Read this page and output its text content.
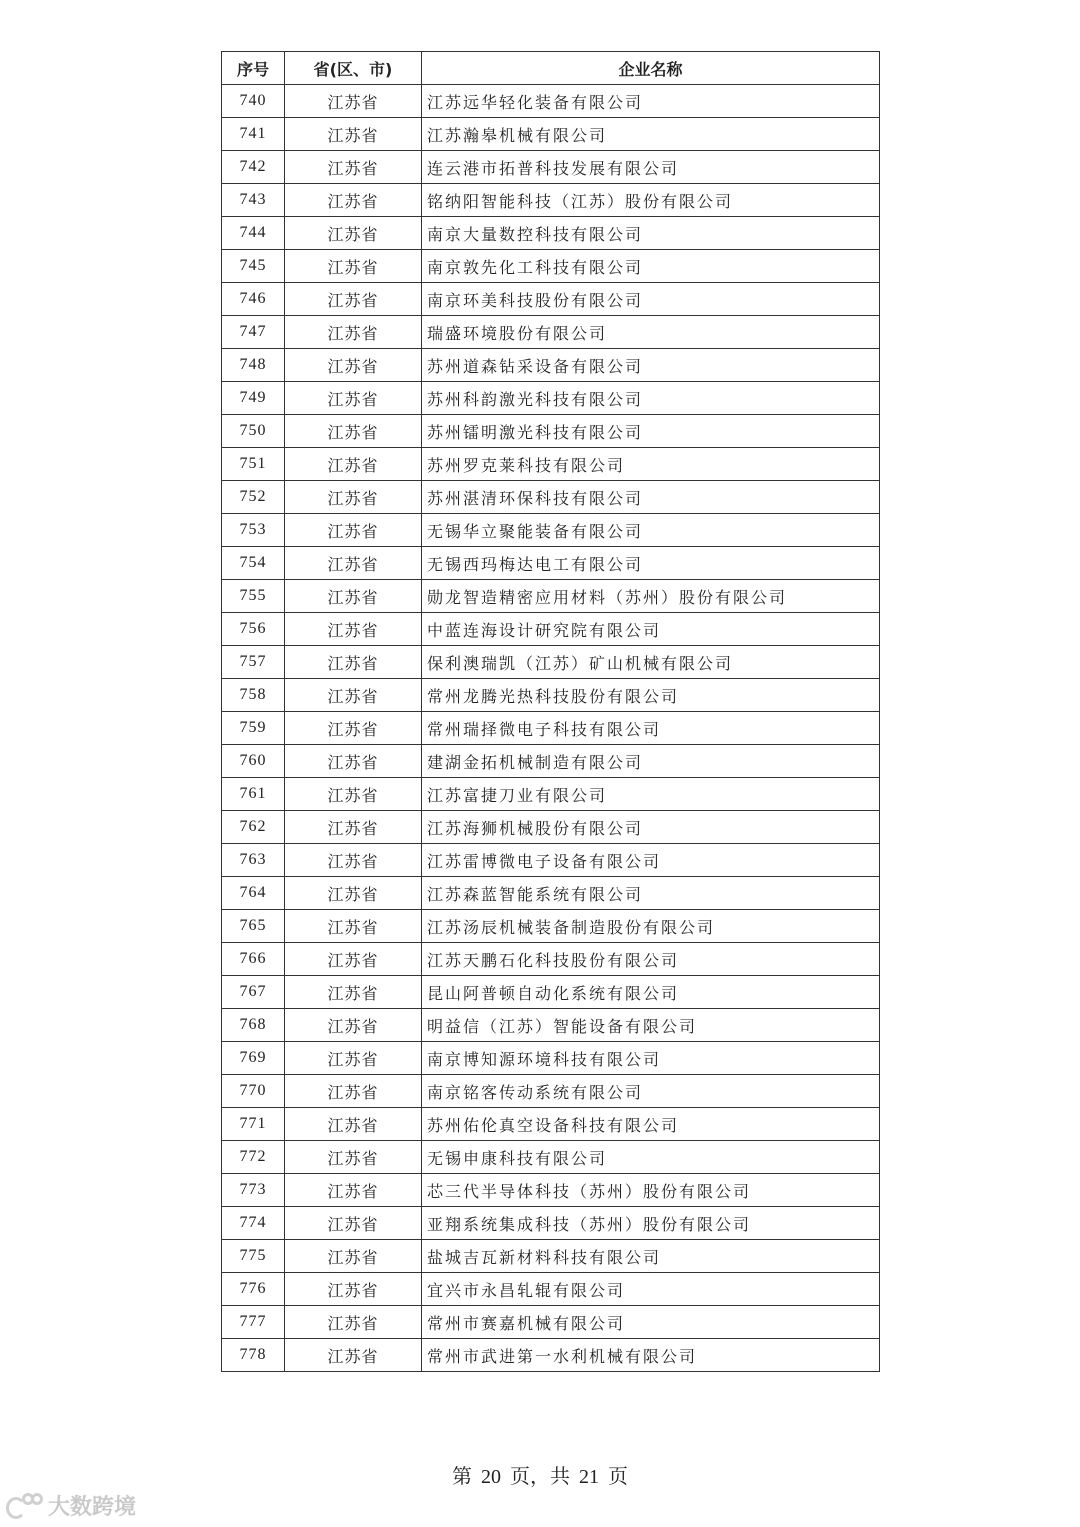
序号	省(区、市)	企业名称
740	江苏省	江苏远华轻化装备有限公司
741	江苏省	江苏瀚皋机械有限公司
742	江苏省	连云港市拓普科技发展有限公司
743	江苏省	铭纳阳智能科技（江苏）股份有限公司
744	江苏省	南京大量数控科技有限公司
745	江苏省	南京敦先化工科技有限公司
746	江苏省	南京环美科技股份有限公司
747	江苏省	瑞盛环境股份有限公司
748	江苏省	苏州道森钻采设备有限公司
749	江苏省	苏州科韵激光科技有限公司
750	江苏省	苏州镭明激光科技有限公司
751	江苏省	苏州罗克莱科技有限公司
752	江苏省	苏州湛清环保科技有限公司
753	江苏省	无锡华立聚能装备有限公司
754	江苏省	无锡西玛梅达电工有限公司
755	江苏省	勋龙智造精密应用材料（苏州）股份有限公司
756	江苏省	中蓝连海设计研究院有限公司
757	江苏省	保利澳瑞凯（江苏）矿山机械有限公司
758	江苏省	常州龙腾光热科技股份有限公司
759	江苏省	常州瑞择微电子科技有限公司
760	江苏省	建湖金拓机械制造有限公司
761	江苏省	江苏富捷刀业有限公司
762	江苏省	江苏海狮机械股份有限公司
763	江苏省	江苏雷博微电子设备有限公司
764	江苏省	江苏森蓝智能系统有限公司
765	江苏省	江苏汤辰机械装备制造股份有限公司
766	江苏省	江苏天鹏石化科技股份有限公司
767	江苏省	昆山阿普顿自动化系统有限公司
768	江苏省	明益信（江苏）智能设备有限公司
769	江苏省	南京博知源环境科技有限公司
770	江苏省	南京铭客传动系统有限公司
771	江苏省	苏州佑伦真空设备科技有限公司
772	江苏省	无锡申康科技有限公司
773	江苏省	芯三代半导体科技（苏州）股份有限公司
774	江苏省	亚翔系统集成科技（苏州）股份有限公司
775	江苏省	盐城吉瓦新材料科技有限公司
776	江苏省	宜兴市永昌轧辊有限公司
777	江苏省	常州市赛嘉机械有限公司
778	江苏省	常州市武进第一水利机械有限公司
第 20 页，共 21 页
大数跨境
